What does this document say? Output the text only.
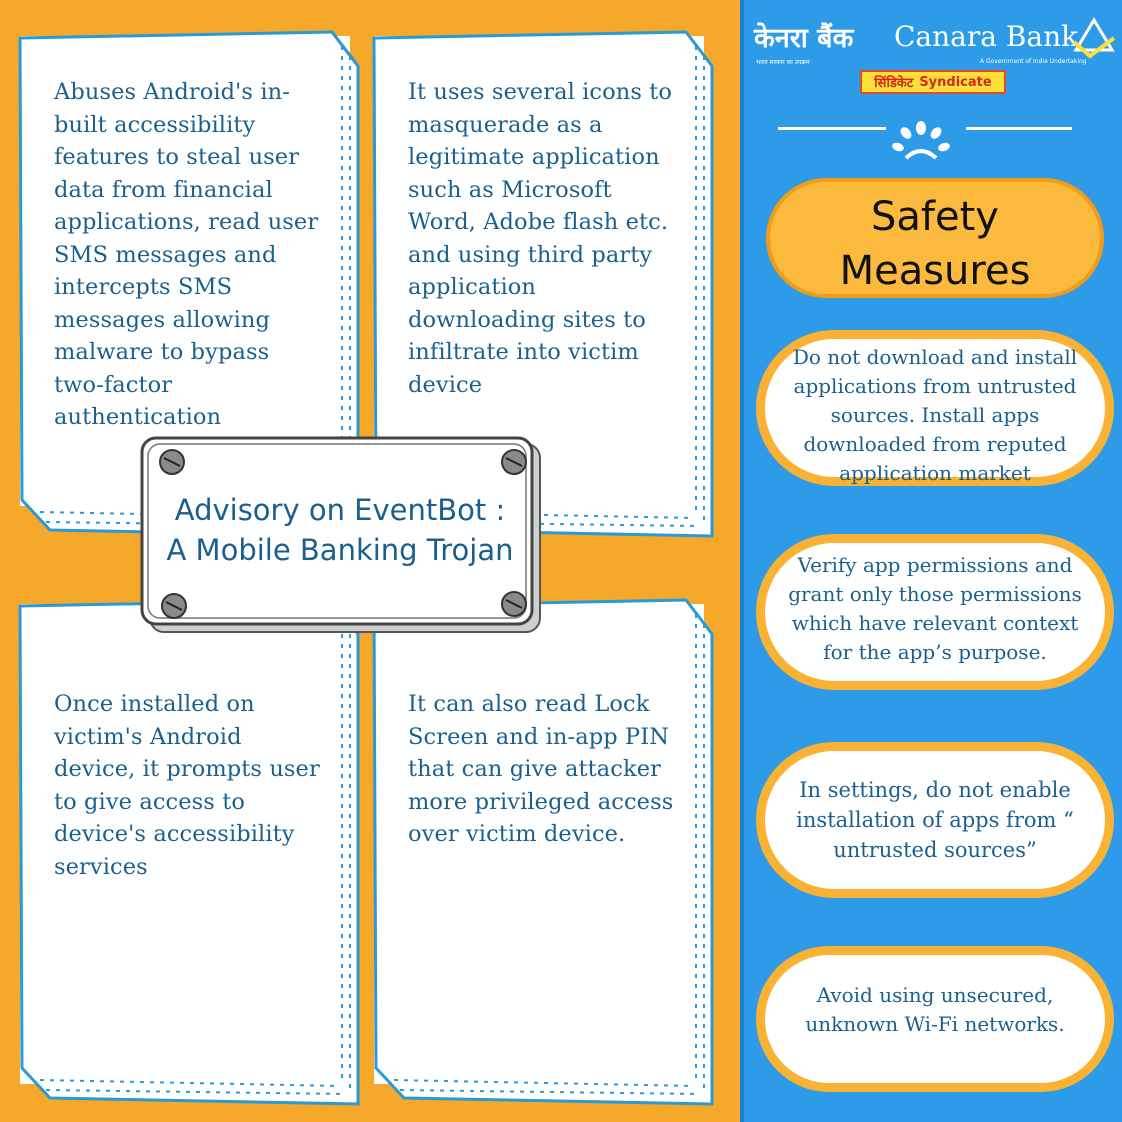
Abuses Android's in-built accessibility features to steal user data from financial applications, read user SMS messages and intercepts SMS messages allowing malware to bypass two-factor authentication
It uses several icons to masquerade as a legitimate application such as Microsoft Word, Adobe flash etc. and using third party application downloading sites to infiltrate into victim device
Once installed on victim's Android device, it prompts user to give access to device's accessibility services
It can also read Lock Screen and in-app PIN that can give attacker more privileged access over victim device.
Advisory on EventBot :
A Mobile Banking Trojan
केनरा बैंक
भारत सरकार का उपक्रम
Canara Bank
A Government of India Undertaking
सिंडिकेट Syndicate
Safety
Measures
Do not download and install applications from untrusted sources. Install apps downloaded from reputed application market
Verify app permissions and grant only those permissions which have relevant context for the app’s purpose.
In settings, do not enable installation of apps from “ untrusted sources”
Avoid using unsecured, unknown Wi-Fi networks.
